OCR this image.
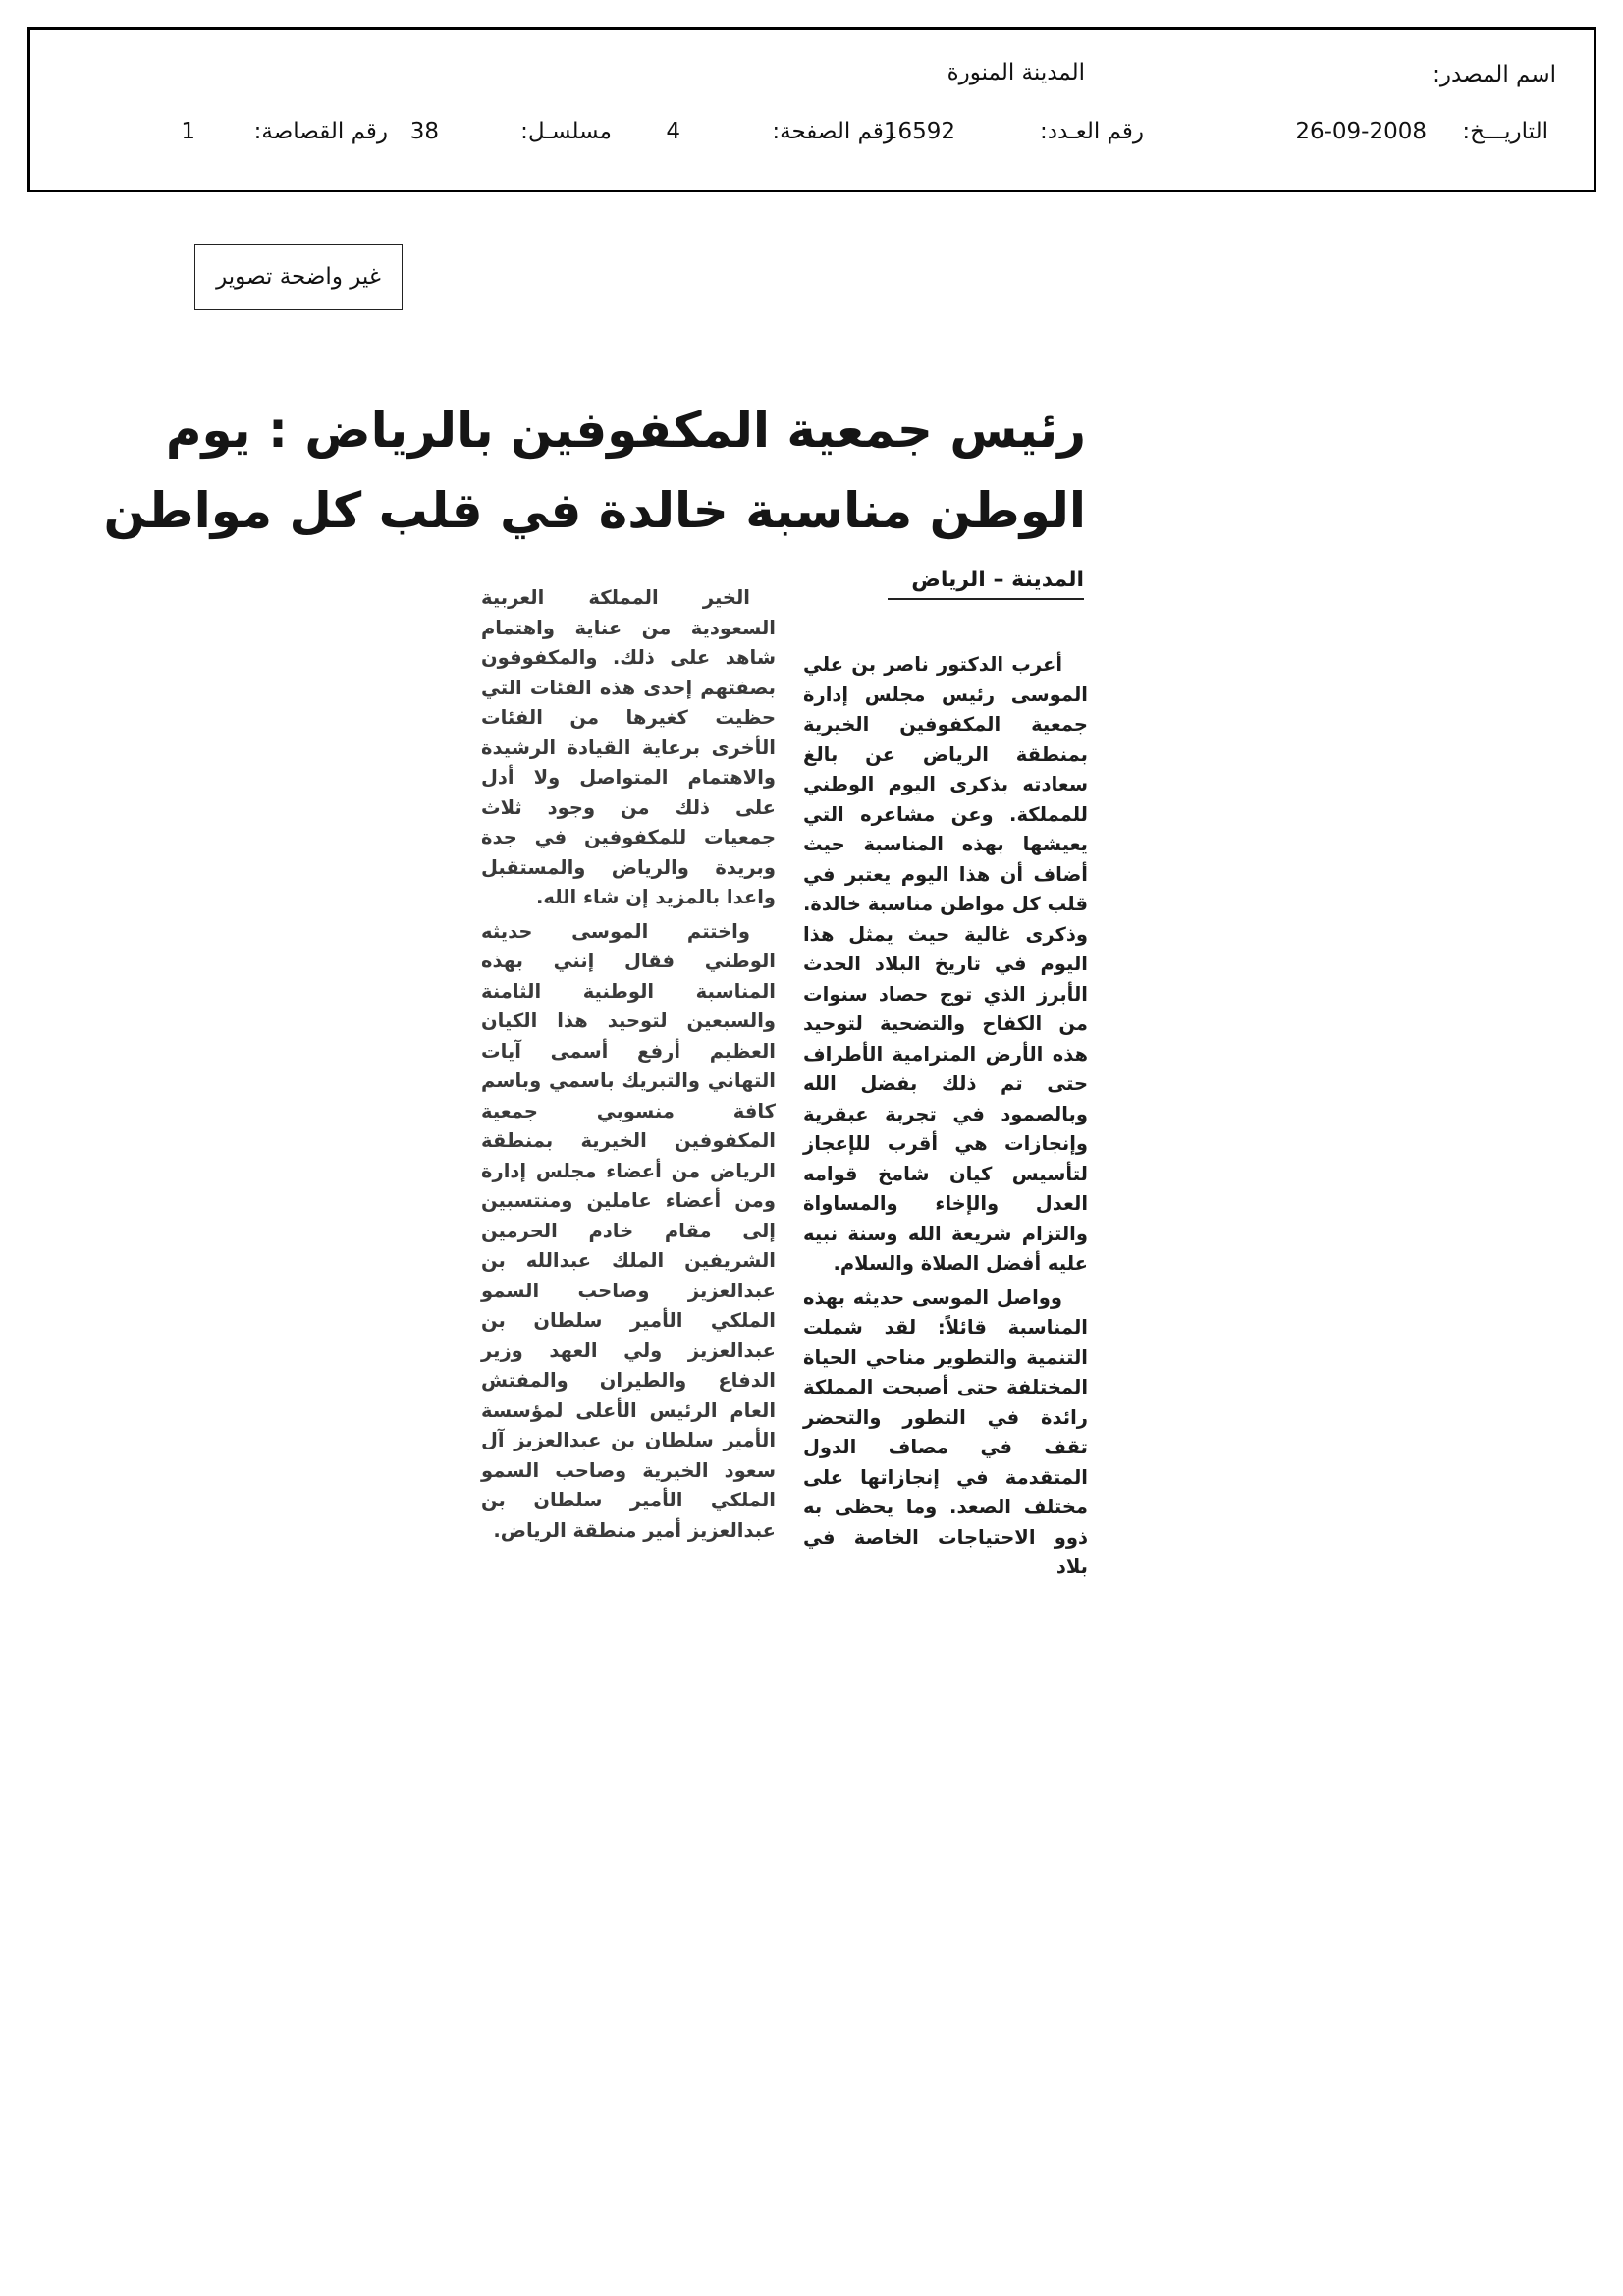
اسم المصدر:
المدينة المنورة
التاريـــخ:
26-09-2008
رقم العـدد:
16592
رقم الصفحة:
4
مسلسـل:
38
رقم القصاصة:
1
غير واضحة تصوير
رئيس جمعية المكفوفين بالرياض : يوم
الوطن مناسبة خالدة في قلب كل مواطن
المدينة – الرياض

أعرب الدكتور ناصر بن علي الموسى رئيس مجلس إدارة جمعية المكفوفين الخيرية بمنطقة الرياض عن بالغ سعادته بذكرى اليوم الوطني للمملكة. وعن مشاعره التي يعيشها بهذه المناسبة حيث أضاف أن هذا اليوم يعتبر في قلب كل مواطن مناسبة خالدة. وذكرى غالية حيث يمثل هذا اليوم في تاريخ البلاد الحدث الأبرز الذي توج حصاد سنوات من الكفاح والتضحية لتوحيد هذه الأرض المترامية الأطراف حتى تم ذلك بفضل الله وبالصمود في تجربة عبقرية وإنجازات هي أقرب للإعجاز لتأسيس كيان شامخ قوامه العدل والإخاء والمساواة والتزام شريعة الله وسنة نبيه عليه أفضل الصلاة والسلام.

وواصل الموسى حديثه بهذه المناسبة قائلاً: لقد شملت التنمية والتطوير مناحي الحياة المختلفة حتى أصبحت المملكة رائدة في التطور والتحضر تقف في مصاف الدول المتقدمة في إنجازاتها على مختلف الصعد. وما يحظى به ذوو الاحتياجات الخاصة في بلاد

الخير المملكة العربية السعودية من عناية واهتمام شاهد على ذلك. والمكفوفون بصفتهم إحدى هذه الفئات التي حظيت كغيرها من الفئات الأخرى برعاية القيادة الرشيدة والاهتمام المتواصل ولا أدل على ذلك من وجود ثلاث جمعيات للمكفوفين في جدة وبريدة والرياض والمستقبل واعدا بالمزيد إن شاء الله.

واختتم الموسى حديثه الوطني فقال إنني بهذه المناسبة الوطنية الثامنة والسبعين لتوحيد هذا الكيان العظيم أرفع أسمى آيات التهاني والتبريك باسمي وباسم كافة منسوبي جمعية المكفوفين الخيرية بمنطقة الرياض من أعضاء مجلس إدارة ومن أعضاء عاملين ومنتسبين إلى مقام خادم الحرمين الشريفين الملك عبدالله بن عبدالعزيز وصاحب السمو الملكي الأمير سلطان بن عبدالعزيز ولي العهد وزير الدفاع والطيران والمفتش العام الرئيس الأعلى لمؤسسة الأمير سلطان بن عبدالعزيز آل سعود الخيرية وصاحب السمو الملكي الأمير سلطان بن عبدالعزيز أمير منطقة الرياض.
